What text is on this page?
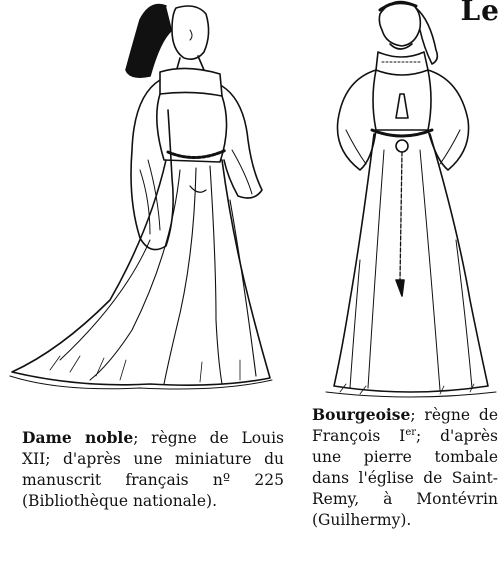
Le
Dame noble; règne de Louis XII; d'après une miniature du manuscrit français nº 225 (Bibliothèque nationale).
Bourgeoise; règne de François Ier; d'après une pierre tombale dans l'église de Saint-Remy, à Montévrin (Guilhermy).
